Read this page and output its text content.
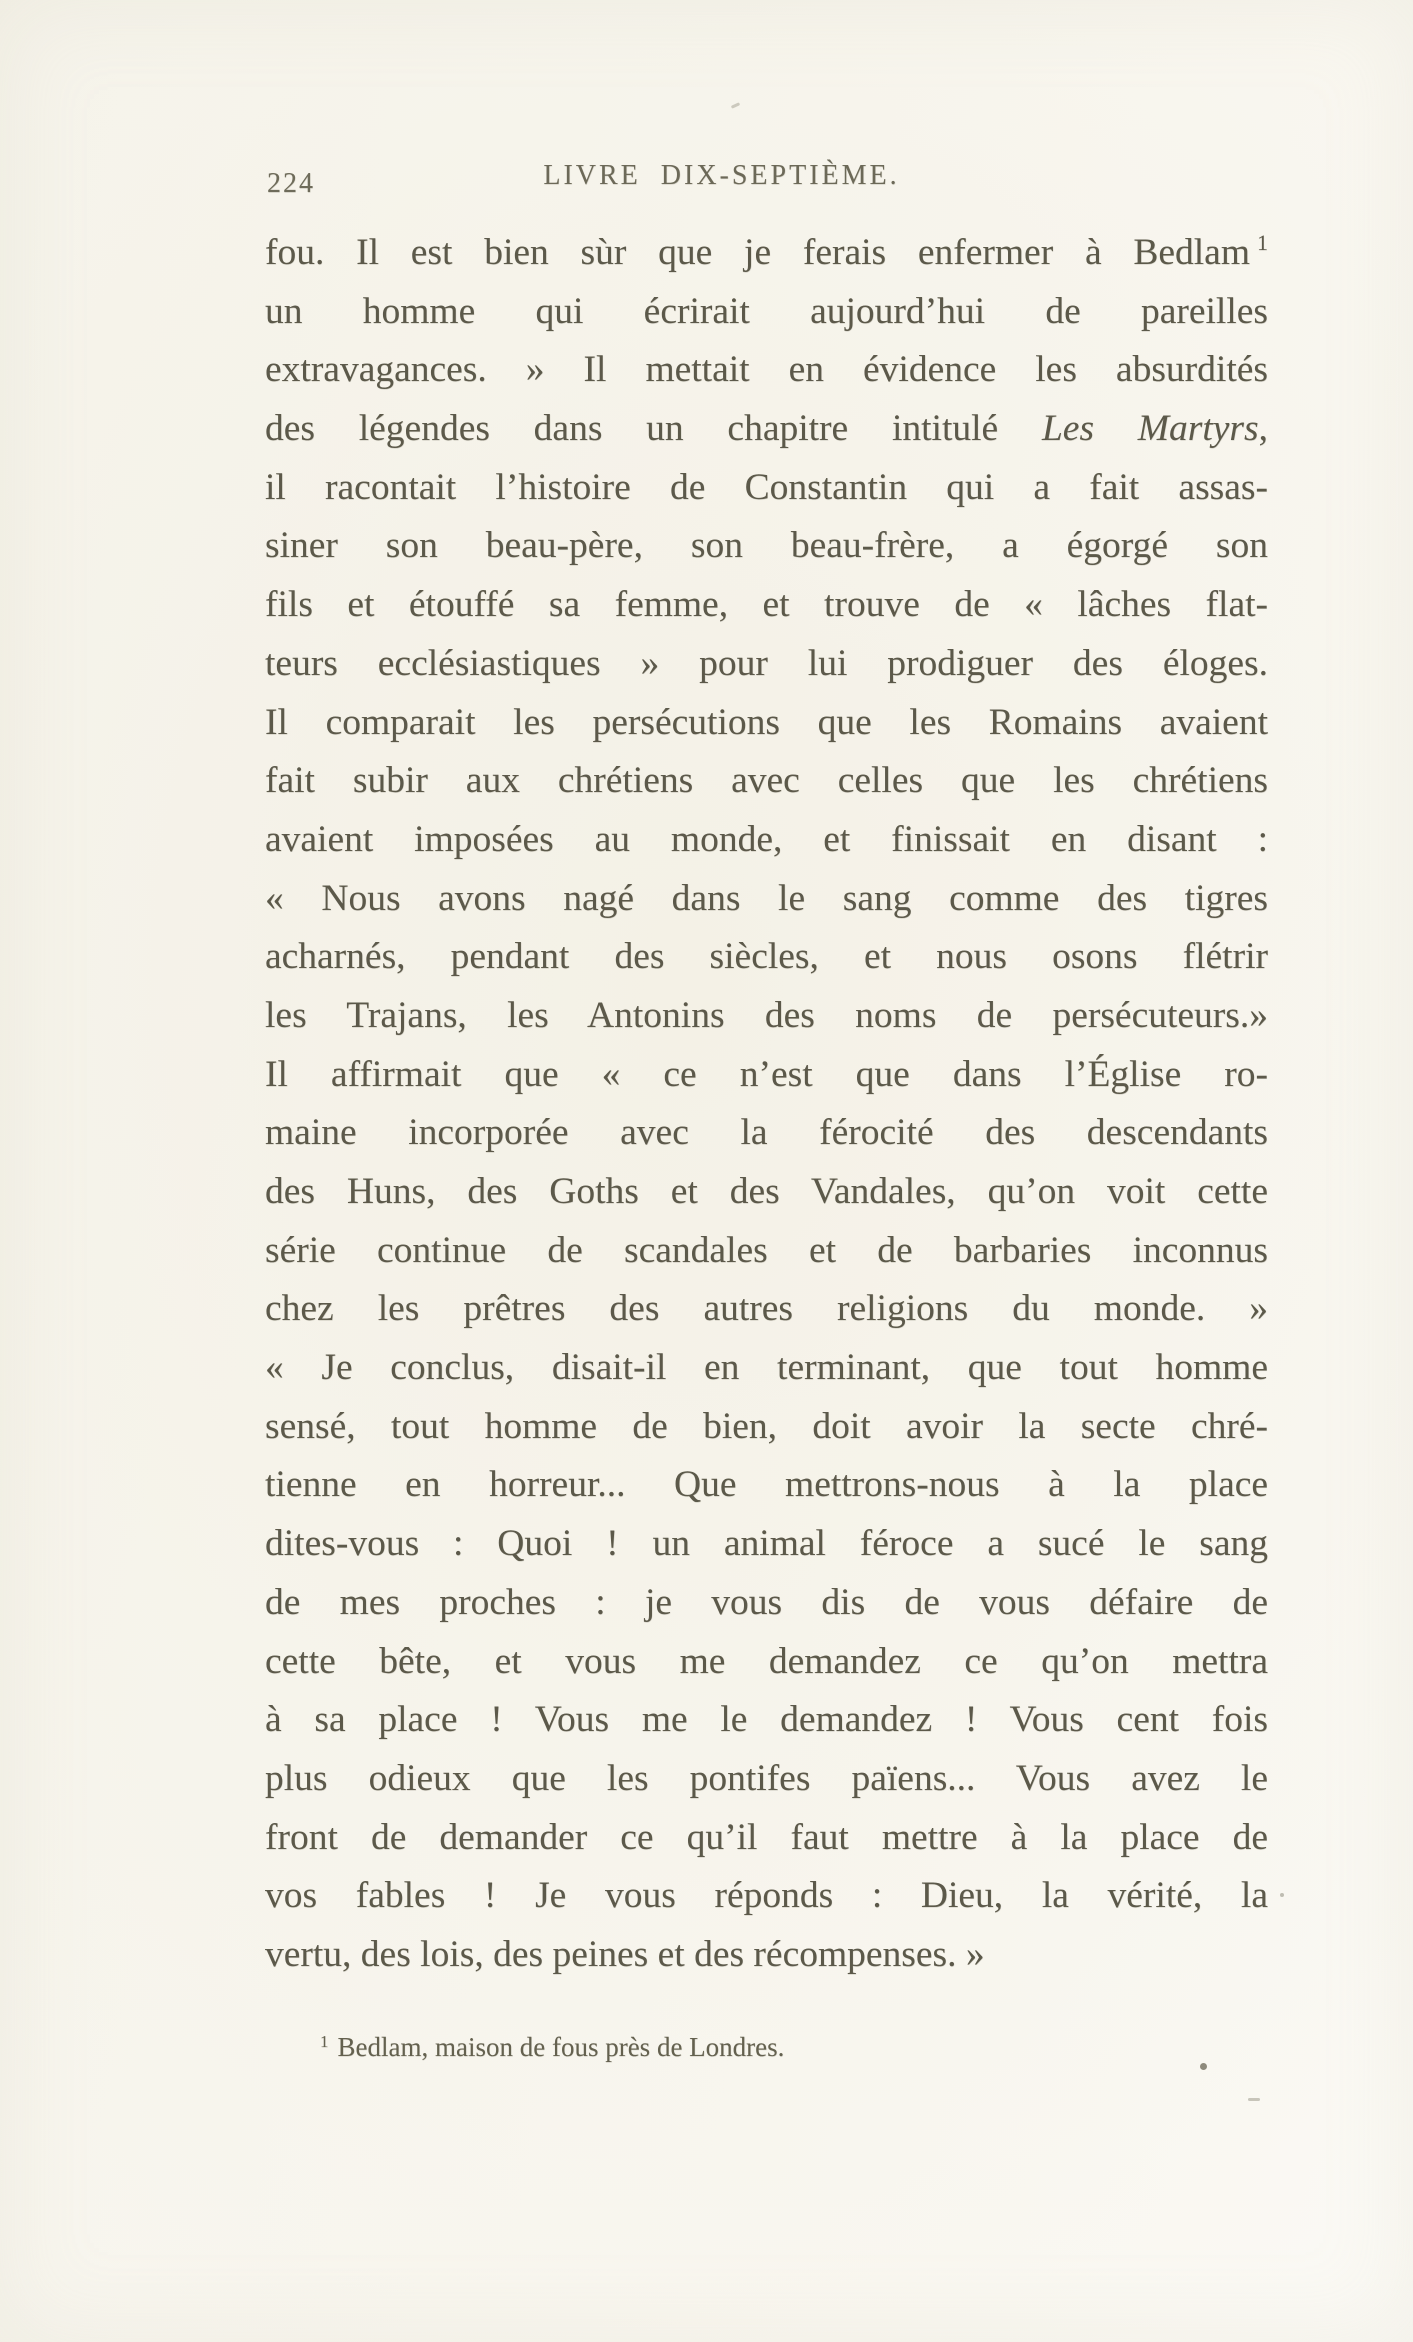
224	LIVRE DIX-SEPTIÈME.
fou. Il est bien sùr que je ferais enfermer à Bedlam $^1$
un homme qui écrirait aujourd’hui de pareilles
extravagances. » Il mettait en évidence les absurdités
des légendes dans un chapitre intitulé Les Martyrs,
il racontait l’histoire de Constantin qui a fait assas-
siner son beau-père, son beau-frère, a égorgé son
fils et étouffé sa femme, et trouve de « lâches flat-
teurs ecclésiastiques » pour lui prodiguer des éloges.
Il comparait les persécutions que les Romains avaient
fait subir aux chrétiens avec celles que les chrétiens
avaient imposées au monde, et finissait en disant :
« Nous avons nagé dans le sang comme des tigres
acharnés, pendant des siècles, et nous osons flétrir
les Trajans, les Antonins des noms de persécuteurs.»
Il affirmait que « ce n’est que dans l’Église ro-
maine incorporée avec la férocité des descendants
des Huns, des Goths et des Vandales, qu’on voit cette
série continue de scandales et de barbaries inconnus
chez les prêtres des autres religions du monde. »
« Je conclus, disait-il en terminant, que tout homme
sensé, tout homme de bien, doit avoir la secte chré-
tienne en horreur... Que mettrons-nous à la place
dites-vous : Quoi ! un animal féroce a sucé le sang
de mes proches : je vous dis de vous défaire de
cette bête, et vous me demandez ce qu’on mettra
à sa place ! Vous me le demandez ! Vous cent fois
plus odieux que les pontifes païens... Vous avez le
front de demander ce qu’il faut mettre à la place de
vos fables ! Je vous réponds : Dieu, la vérité, la
vertu, des lois, des peines et des récompenses. »
$^1$ Bedlam, maison de fous près de Londres.
